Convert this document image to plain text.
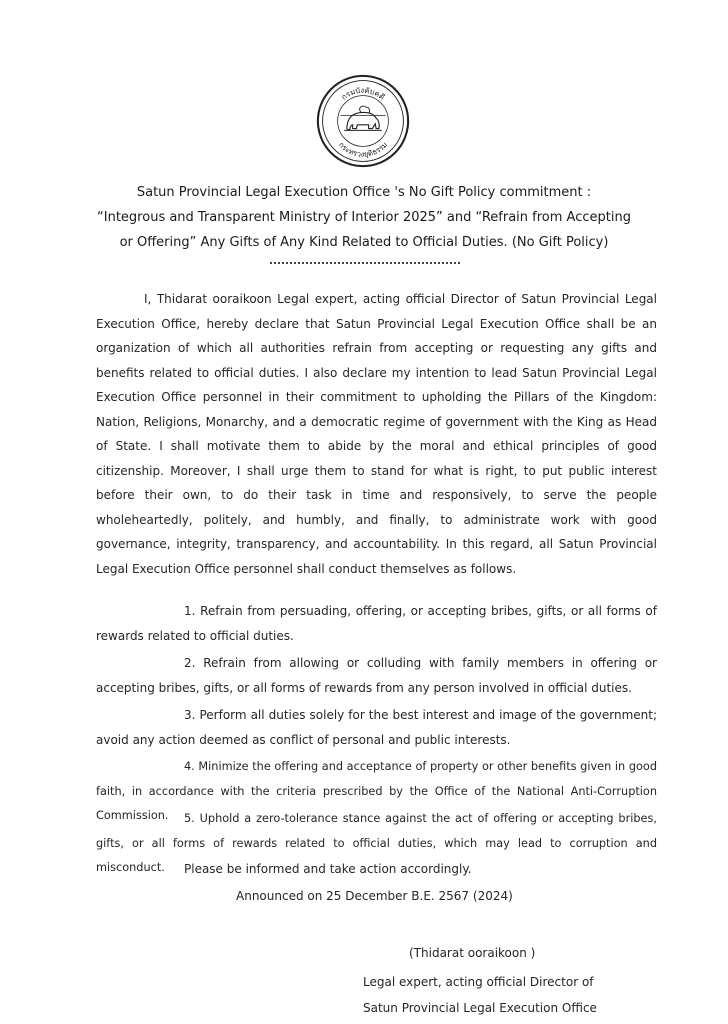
กรมบังคับคดี
กระทรวงยุติธรรม
Satun Provincial Legal Execution Office 's No Gift Policy commitment :
“Integrous and Transparent Ministry of Interior 2025” and “Refrain from Accepting
or Offering” Any Gifts of Any Kind Related to Official Duties. (No Gift Policy)
I, Thidarat ooraikoon Legal expert, acting official Director of Satun Provincial Legal Execution Office, hereby declare that Satun Provincial Legal Execution Office shall be an organization of which all authorities refrain from accepting or requesting any gifts and benefits related to official duties. I also declare my intention to lead Satun Provincial Legal Execution Office personnel in their commitment to upholding the Pillars of the Kingdom: Nation, Religions, Monarchy, and a democratic regime of government with the King as Head of State. I shall motivate them to abide by the moral and ethical principles of good citizenship. Moreover, I shall urge them to stand for what is right, to put public interest before their own, to do their task in time and responsively, to serve the people wholeheartedly, politely, and humbly, and finally, to administrate work with good governance, integrity, transparency, and accountability. In this regard, all Satun Provincial Legal Execution Office personnel shall conduct themselves as follows.
1. Refrain from persuading, offering, or accepting bribes, gifts, or all forms of rewards related to official duties.
2. Refrain from allowing or colluding with family members in offering or accepting bribes, gifts, or all forms of rewards from any person involved in official duties.
3. Perform all duties solely for the best interest and image of the government; avoid any action deemed as conflict of personal and public interests.
4. Minimize the offering and acceptance of property or other benefits given in good faith, in accordance with the criteria prescribed by the Office of the National Anti-Corruption Commission.	5. Uphold a zero-tolerance stance against the act of offering or accepting bribes, gifts, or all forms of rewards related to official duties, which may lead to corruption and misconduct.	Please be informed and take action accordingly.
Announced on 25 December B.E. 2567 (2024)
(Thidarat ooraikoon )
Legal expert, acting official Director of
Satun Provincial Legal Execution Office
